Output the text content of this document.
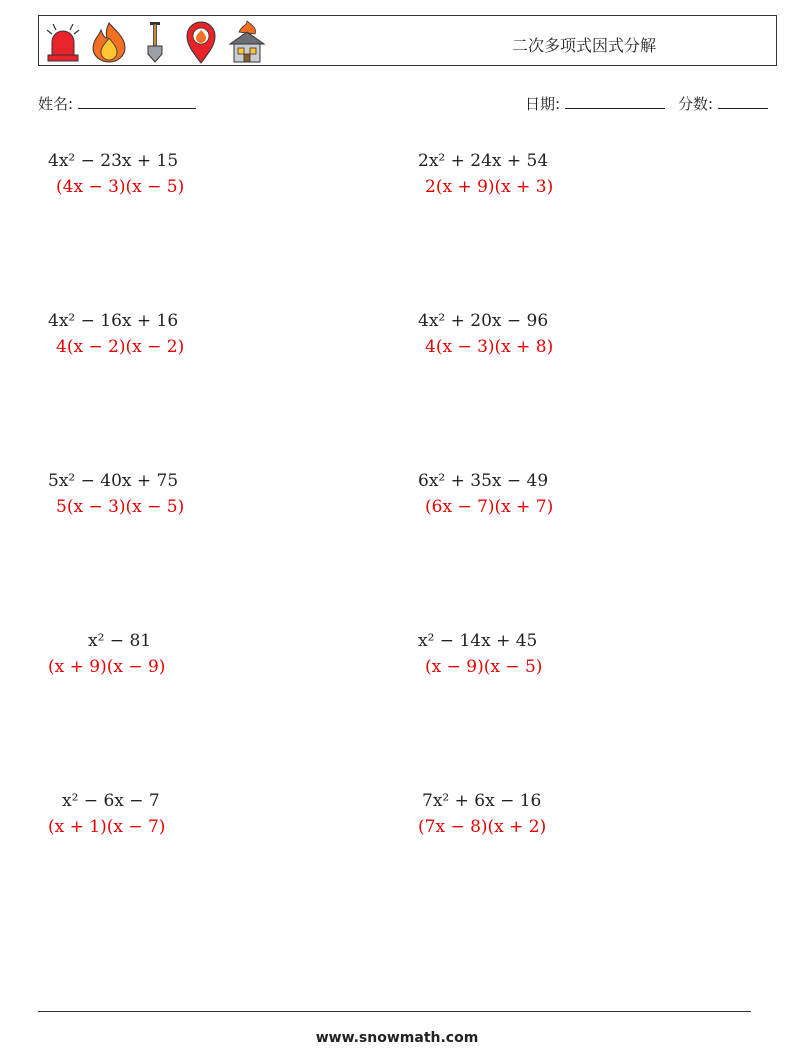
二次多项式因式分解
姓名:	日期:	分数:
4x² − 23x + 15
(4x − 3)(x − 5)
2x² + 24x + 54
2(x + 9)(x + 3)
4x² − 16x + 16
4(x − 2)(x − 2)
4x² + 20x − 96
4(x − 3)(x + 8)
5x² − 40x + 75
5(x − 3)(x − 5)
6x² + 35x − 49
(6x − 7)(x + 7)
x² − 81
(x + 9)(x − 9)
x² − 14x + 45
(x − 9)(x − 5)
x² − 6x − 7
(x + 1)(x − 7)
7x² + 6x − 16
(7x − 8)(x + 2)
www.snowmath.com
